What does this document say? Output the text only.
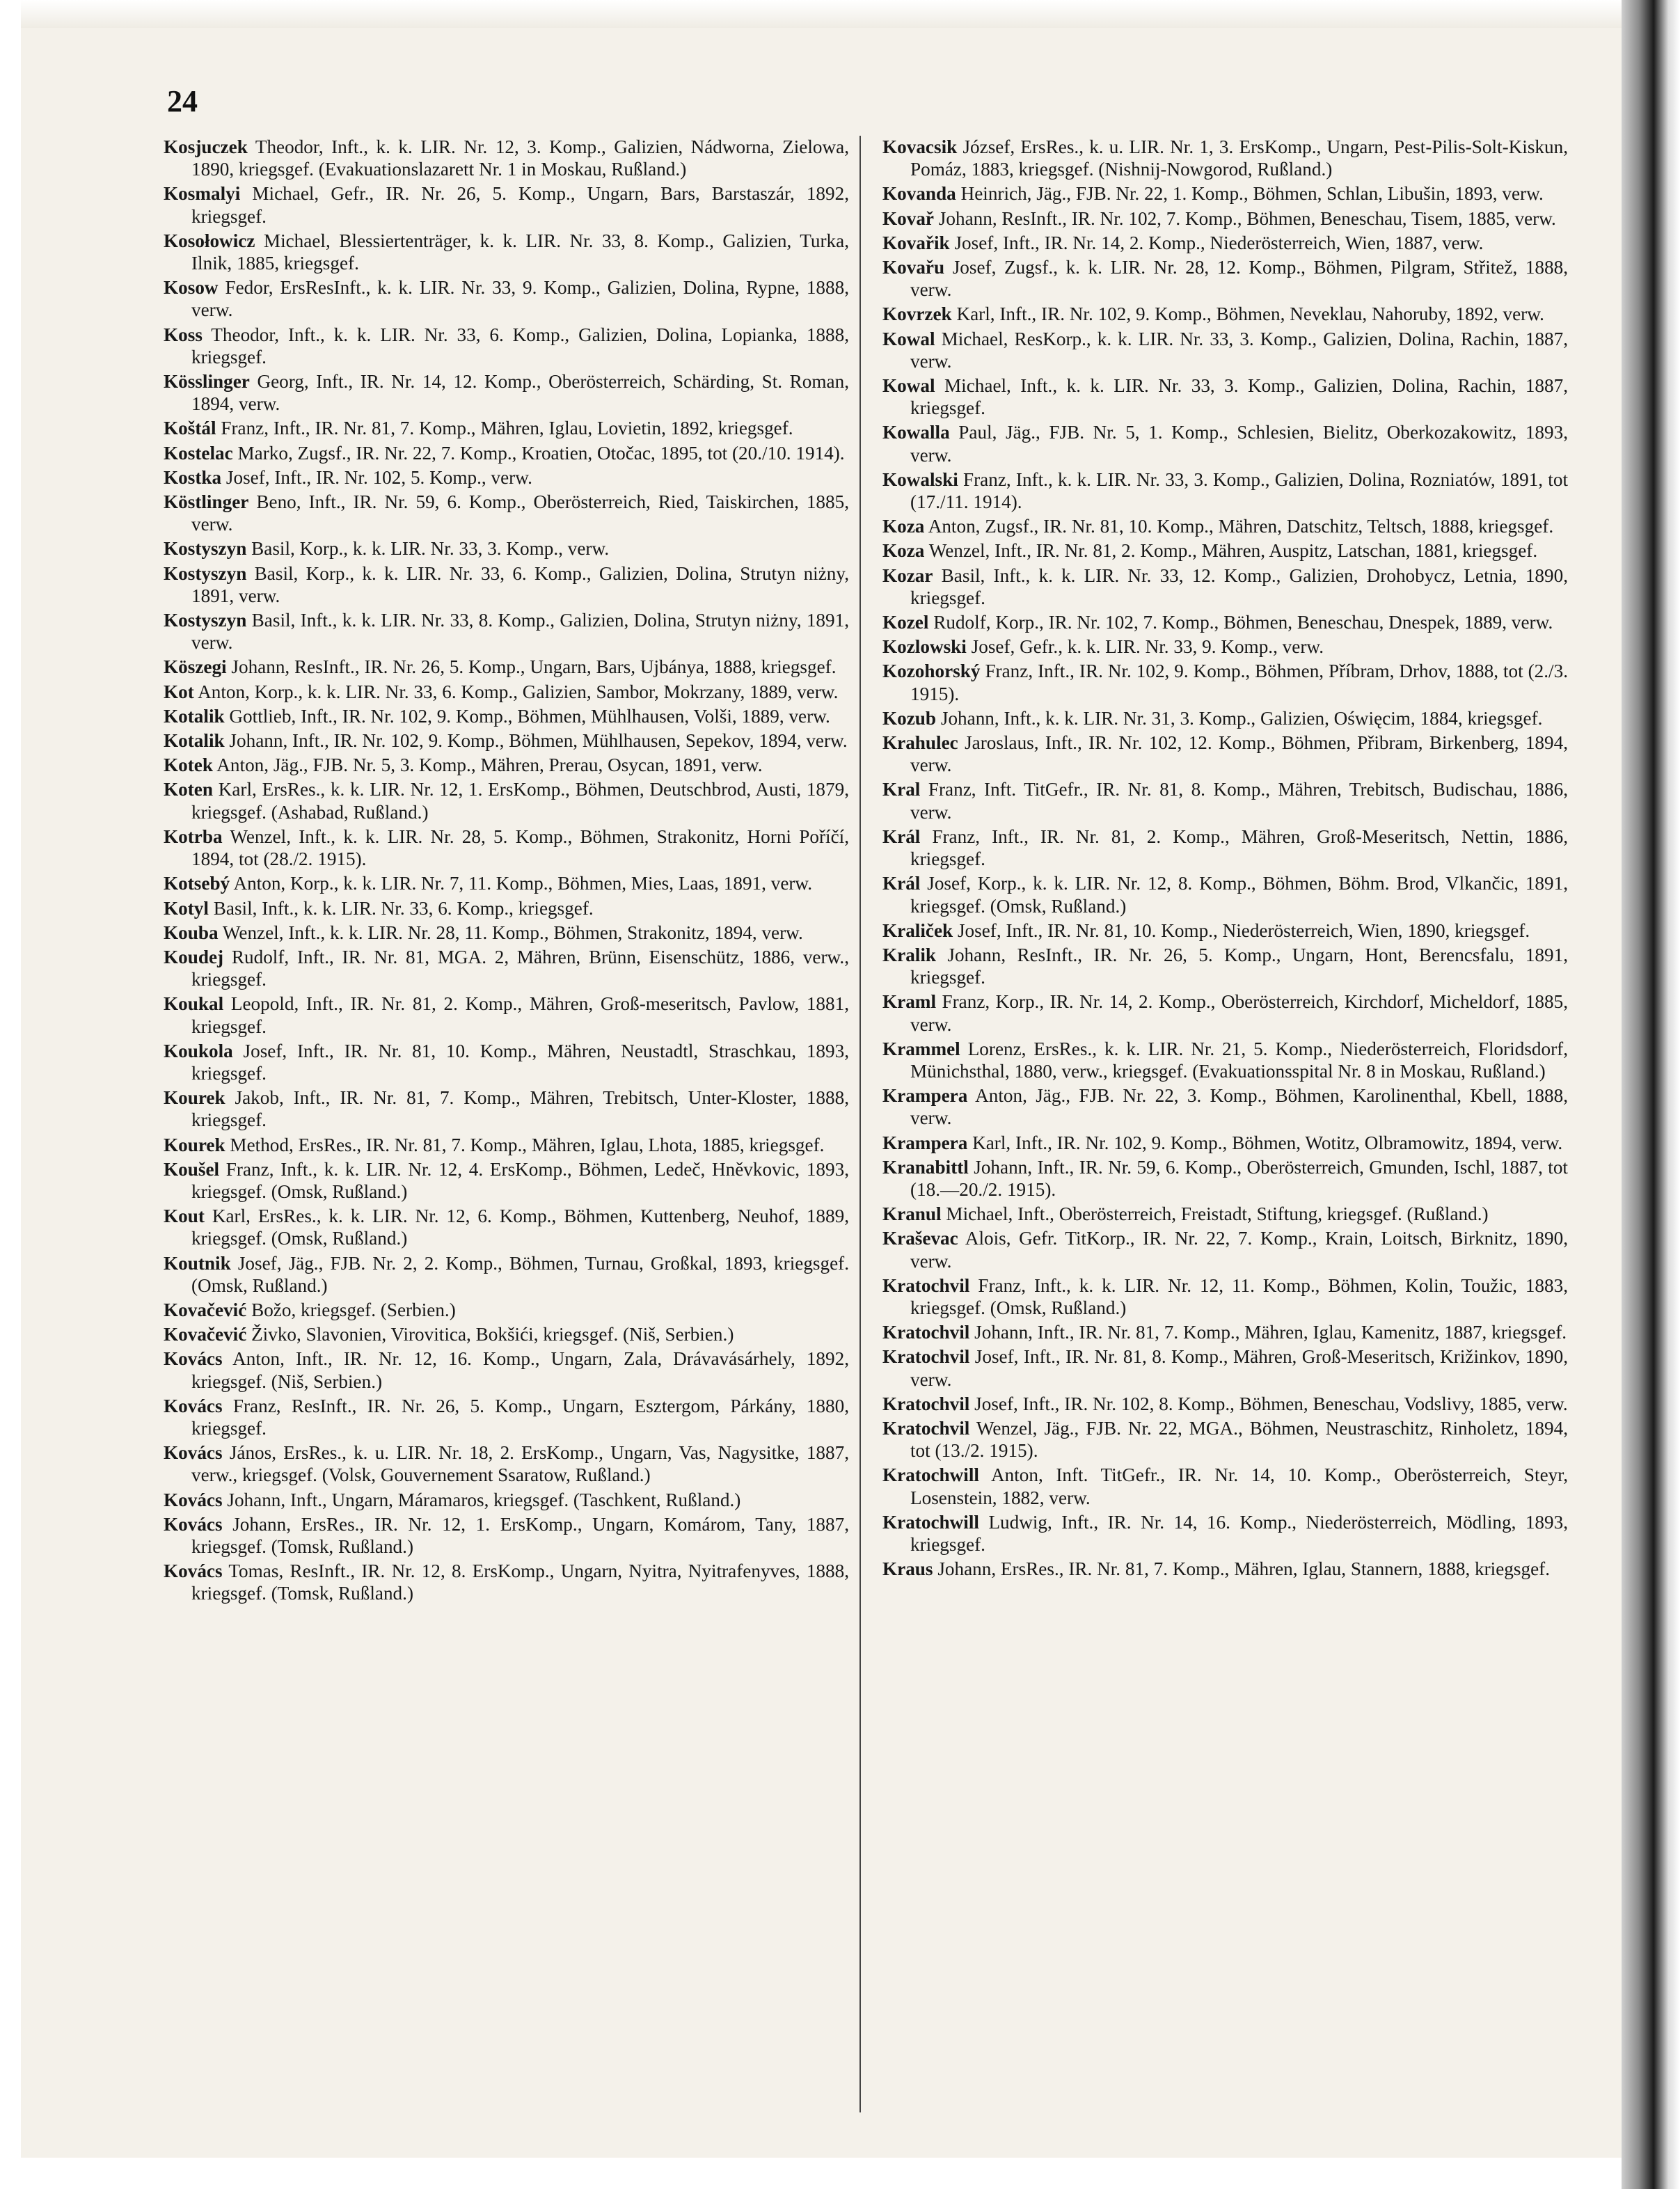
24

Kosjuczek Theodor, Inft., k. k. LIR. Nr. 12, 3. Komp., Galizien, Nádworna, Zielowa, 1890, kriegsgef. (Evakuationslazarett Nr. 1 in Moskau, Rußland.)

Kosmalyi Michael, Gefr., IR. Nr. 26, 5. Komp., Ungarn, Bars, Barstaszár, 1892, kriegsgef.

Kosołowicz Michael, Blessiertenträger, k. k. LIR. Nr. 33, 8. Komp., Galizien, Turka, Ilnik, 1885, kriegsgef.

Kosow Fedor, ErsResInft., k. k. LIR. Nr. 33, 9. Komp., Galizien, Dolina, Rypne, 1888, verw.

Koss Theodor, Inft., k. k. LIR. Nr. 33, 6. Komp., Galizien, Dolina, Lopianka, 1888, kriegsgef.

Kösslinger Georg, Inft., IR. Nr. 14, 12. Komp., Oberösterreich, Schärding, St. Roman, 1894, verw.

Koštál Franz, Inft., IR. Nr. 81, 7. Komp., Mähren, Iglau, Lovietin, 1892, kriegsgef.

Kostelac Marko, Zugsf., IR. Nr. 22, 7. Komp., Kroatien, Otočac, 1895, tot (20./10. 1914).

Kostka Josef, Inft., IR. Nr. 102, 5. Komp., verw.

Köstlinger Beno, Inft., IR. Nr. 59, 6. Komp., Oberösterreich, Ried, Taiskirchen, 1885, verw.

Kostyszyn Basil, Korp., k. k. LIR. Nr. 33, 3. Komp., verw.

Kostyszyn Basil, Korp., k. k. LIR. Nr. 33, 6. Komp., Galizien, Dolina, Strutyn niżny, 1891, verw.

Kostyszyn Basil, Inft., k. k. LIR. Nr. 33, 8. Komp., Galizien, Dolina, Strutyn niżny, 1891, verw.

Köszegi Johann, ResInft., IR. Nr. 26, 5. Komp., Ungarn, Bars, Ujbánya, 1888, kriegsgef.

Kot Anton, Korp., k. k. LIR. Nr. 33, 6. Komp., Galizien, Sambor, Mokrzany, 1889, verw.

Kotalik Gottlieb, Inft., IR. Nr. 102, 9. Komp., Böhmen, Mühlhausen, Volši, 1889, verw.

Kotalik Johann, Inft., IR. Nr. 102, 9. Komp., Böhmen, Mühlhausen, Sepekov, 1894, verw.

Kotek Anton, Jäg., FJB. Nr. 5, 3. Komp., Mähren, Prerau, Osycan, 1891, verw.

Koten Karl, ErsRes., k. k. LIR. Nr. 12, 1. ErsKomp., Böhmen, Deutschbrod, Austi, 1879, kriegsgef. (Ashabad, Rußland.)

Kotrba Wenzel, Inft., k. k. LIR. Nr. 28, 5. Komp., Böhmen, Strakonitz, Horni Poříčí, 1894, tot (28./2. 1915).

Kotsebý Anton, Korp., k. k. LIR. Nr. 7, 11. Komp., Böhmen, Mies, Laas, 1891, verw.

Kotyl Basil, Inft., k. k. LIR. Nr. 33, 6. Komp., kriegsgef.

Kouba Wenzel, Inft., k. k. LIR. Nr. 28, 11. Komp., Böhmen, Strakonitz, 1894, verw.

Koudej Rudolf, Inft., IR. Nr. 81, MGA. 2, Mähren, Brünn, Eisenschütz, 1886, verw., kriegsgef.

Koukal Leopold, Inft., IR. Nr. 81, 2. Komp., Mähren, Groß-meseritsch, Pavlow, 1881, kriegsgef.

Koukola Josef, Inft., IR. Nr. 81, 10. Komp., Mähren, Neustadtl, Straschkau, 1893, kriegsgef.

Kourek Jakob, Inft., IR. Nr. 81, 7. Komp., Mähren, Trebitsch, Unter-Kloster, 1888, kriegsgef.

Kourek Method, ErsRes., IR. Nr. 81, 7. Komp., Mähren, Iglau, Lhota, 1885, kriegsgef.

Koušel Franz, Inft., k. k. LIR. Nr. 12, 4. ErsKomp., Böhmen, Ledeč, Hněvkovic, 1893, kriegsgef. (Omsk, Rußland.)

Kout Karl, ErsRes., k. k. LIR. Nr. 12, 6. Komp., Böhmen, Kuttenberg, Neuhof, 1889, kriegsgef. (Omsk, Rußland.)

Koutnik Josef, Jäg., FJB. Nr. 2, 2. Komp., Böhmen, Turnau, Großkal, 1893, kriegsgef. (Omsk, Rußland.)

Kovačević Božo, kriegsgef. (Serbien.)

Kovačević Živko, Slavonien, Virovitica, Bokšići, kriegsgef. (Niš, Serbien.)

Kovács Anton, Inft., IR. Nr. 12, 16. Komp., Ungarn, Zala, Drávavásárhely, 1892, kriegsgef. (Niš, Serbien.)

Kovács Franz, ResInft., IR. Nr. 26, 5. Komp., Ungarn, Esztergom, Párkány, 1880, kriegsgef.

Kovács János, ErsRes., k. u. LIR. Nr. 18, 2. ErsKomp., Ungarn, Vas, Nagysitke, 1887, verw., kriegsgef. (Volsk, Gouvernement Ssaratow, Rußland.)

Kovács Johann, Inft., Ungarn, Máramaros, kriegsgef. (Taschkent, Rußland.)

Kovács Johann, ErsRes., IR. Nr. 12, 1. ErsKomp., Ungarn, Komárom, Tany, 1887, kriegsgef. (Tomsk, Rußland.)

Kovács Tomas, ResInft., IR. Nr. 12, 8. ErsKomp., Ungarn, Nyitra, Nyitrafenyves, 1888, kriegsgef. (Tomsk, Rußland.)

Kovacsik József, ErsRes., k. u. LIR. Nr. 1, 3. ErsKomp., Ungarn, Pest-Pilis-Solt-Kiskun, Pomáz, 1883, kriegsgef. (Nishnij-Nowgorod, Rußland.)

Kovanda Heinrich, Jäg., FJB. Nr. 22, 1. Komp., Böhmen, Schlan, Libušin, 1893, verw.

Kovař Johann, ResInft., IR. Nr. 102, 7. Komp., Böhmen, Beneschau, Tisem, 1885, verw.

Kovařik Josef, Inft., IR. Nr. 14, 2. Komp., Niederösterreich, Wien, 1887, verw.

Kovařu Josef, Zugsf., k. k. LIR. Nr. 28, 12. Komp., Böhmen, Pilgram, Střitež, 1888, verw.

Kovrzek Karl, Inft., IR. Nr. 102, 9. Komp., Böhmen, Neveklau, Nahoruby, 1892, verw.

Kowal Michael, ResKorp., k. k. LIR. Nr. 33, 3. Komp., Galizien, Dolina, Rachin, 1887, verw.

Kowal Michael, Inft., k. k. LIR. Nr. 33, 3. Komp., Galizien, Dolina, Rachin, 1887, kriegsgef.

Kowalla Paul, Jäg., FJB. Nr. 5, 1. Komp., Schlesien, Bielitz, Oberkozakowitz, 1893, verw.

Kowalski Franz, Inft., k. k. LIR. Nr. 33, 3. Komp., Galizien, Dolina, Rozniatów, 1891, tot (17./11. 1914).

Koza Anton, Zugsf., IR. Nr. 81, 10. Komp., Mähren, Datschitz, Teltsch, 1888, kriegsgef.

Koza Wenzel, Inft., IR. Nr. 81, 2. Komp., Mähren, Auspitz, Latschan, 1881, kriegsgef.

Kozar Basil, Inft., k. k. LIR. Nr. 33, 12. Komp., Galizien, Drohobycz, Letnia, 1890, kriegsgef.

Kozel Rudolf, Korp., IR. Nr. 102, 7. Komp., Böhmen, Beneschau, Dnespek, 1889, verw.

Kozlowski Josef, Gefr., k. k. LIR. Nr. 33, 9. Komp., verw.

Kozohorský Franz, Inft., IR. Nr. 102, 9. Komp., Böhmen, Příbram, Drhov, 1888, tot (2./3. 1915).

Kozub Johann, Inft., k. k. LIR. Nr. 31, 3. Komp., Galizien, Oświęcim, 1884, kriegsgef.

Krahulec Jaroslaus, Inft., IR. Nr. 102, 12. Komp., Böhmen, Přibram, Birkenberg, 1894, verw.

Kral Franz, Inft. TitGefr., IR. Nr. 81, 8. Komp., Mähren, Trebitsch, Budischau, 1886, verw.

Král Franz, Inft., IR. Nr. 81, 2. Komp., Mähren, Groß-Meseritsch, Nettin, 1886, kriegsgef.

Král Josef, Korp., k. k. LIR. Nr. 12, 8. Komp., Böhmen, Böhm. Brod, Vlkančic, 1891, kriegsgef. (Omsk, Rußland.)

Kraliček Josef, Inft., IR. Nr. 81, 10. Komp., Niederösterreich, Wien, 1890, kriegsgef.

Kralik Johann, ResInft., IR. Nr. 26, 5. Komp., Ungarn, Hont, Berencsfalu, 1891, kriegsgef.

Kraml Franz, Korp., IR. Nr. 14, 2. Komp., Oberösterreich, Kirchdorf, Micheldorf, 1885, verw.

Krammel Lorenz, ErsRes., k. k. LIR. Nr. 21, 5. Komp., Niederösterreich, Floridsdorf, Münichsthal, 1880, verw., kriegsgef. (Evakuationsspital Nr. 8 in Moskau, Rußland.)

Krampera Anton, Jäg., FJB. Nr. 22, 3. Komp., Böhmen, Karolinenthal, Kbell, 1888, verw.

Krampera Karl, Inft., IR. Nr. 102, 9. Komp., Böhmen, Wotitz, Olbramowitz, 1894, verw.

Kranabittl Johann, Inft., IR. Nr. 59, 6. Komp., Oberösterreich, Gmunden, Ischl, 1887, tot (18.—20./2. 1915).

Kranul Michael, Inft., Oberösterreich, Freistadt, Stiftung, kriegsgef. (Rußland.)

Kraševac Alois, Gefr. TitKorp., IR. Nr. 22, 7. Komp., Krain, Loitsch, Birknitz, 1890, verw.

Kratochvil Franz, Inft., k. k. LIR. Nr. 12, 11. Komp., Böhmen, Kolin, Toužic, 1883, kriegsgef. (Omsk, Rußland.)

Kratochvil Johann, Inft., IR. Nr. 81, 7. Komp., Mähren, Iglau, Kamenitz, 1887, kriegsgef.

Kratochvil Josef, Inft., IR. Nr. 81, 8. Komp., Mähren, Groß-Meseritsch, Križinkov, 1890, verw.

Kratochvil Josef, Inft., IR. Nr. 102, 8. Komp., Böhmen, Beneschau, Vodslivy, 1885, verw.

Kratochvil Wenzel, Jäg., FJB. Nr. 22, MGA., Böhmen, Neustraschitz, Rinholetz, 1894, tot (13./2. 1915).

Kratochwill Anton, Inft. TitGefr., IR. Nr. 14, 10. Komp., Oberösterreich, Steyr, Losenstein, 1882, verw.

Kratochwill Ludwig, Inft., IR. Nr. 14, 16. Komp., Niederösterreich, Mödling, 1893, kriegsgef.

Kraus Johann, ErsRes., IR. Nr. 81, 7. Komp., Mähren, Iglau, Stannern, 1888, kriegsgef.
